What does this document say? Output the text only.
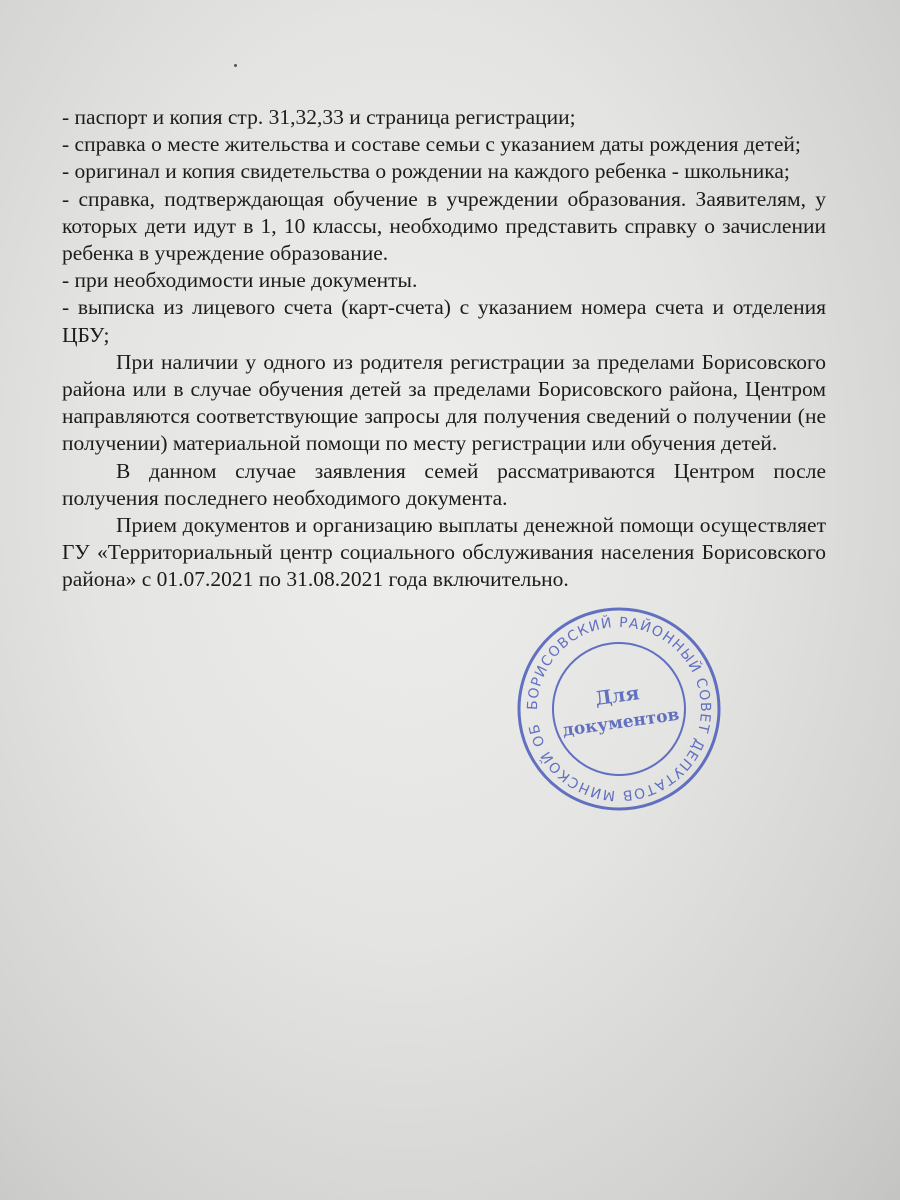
- паспорт и копия стр. 31,32,33 и страница регистрации;

- справка о месте жительства и составе семьи с указанием даты рождения детей;

- оригинал и копия свидетельства о рождении на каждого ребенка - школьника;

- справка, подтверждающая обучение в учреждении образования. Заявителям, у которых дети идут в 1, 10 классы, необходимо представить справку о зачислении ребенка в учреждение образование.

- при необходимости иные документы.

- выписка из лицевого счета (карт-счета) с указанием номера счета и отделения ЦБУ;

При наличии у одного из родителя регистрации за пределами Борисовского района или в случае обучения детей за пределами Борисовского района, Центром направляются соответствующие запросы для получения сведений о получении (не получении) материальной помощи по месту регистрации или обучения детей.

В данном случае заявления семей рассматриваются Центром после получения последнего необходимого документа.

Прием документов и организацию выплаты денежной помощи осуществляет ГУ «Территориальный центр социального обслуживания населения Борисовского района» с 01.07.2021 по 31.08.2021 года включительно.

БОРИСОВСКИЙ РАЙОННЫЙ СОВЕТ ДЕПУТАТОВ МИНСКОЙ ОБЛАСТИ
Для
документов
